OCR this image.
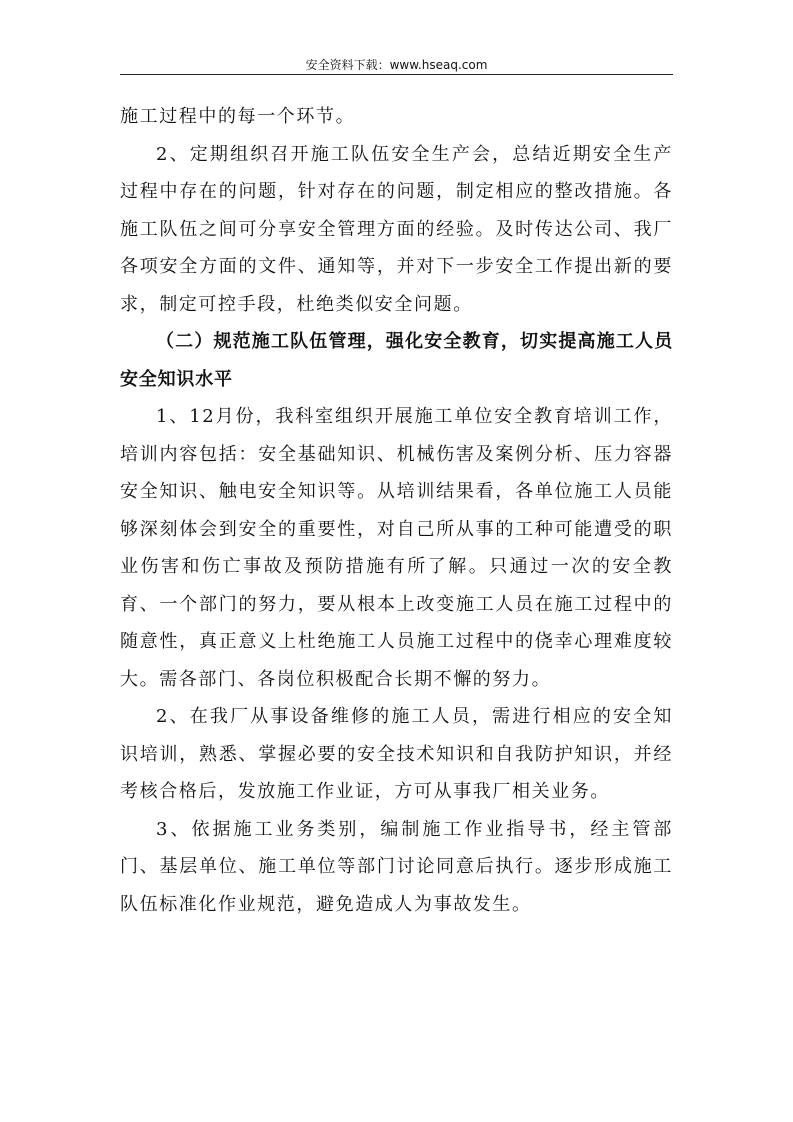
安全资料下载：www.hseaq.com

施工过程中的每一个环节。

2、定期组织召开施工队伍安全生产会，总结近期安全生产过程中存在的问题，针对存在的问题，制定相应的整改措施。各施工队伍之间可分享安全管理方面的经验。及时传达公司、我厂各项安全方面的文件、通知等，并对下一步安全工作提出新的要求，制定可控手段，杜绝类似安全问题。

（二）规范施工队伍管理，强化安全教育，切实提高施工人员安全知识水平

1、12月份，我科室组织开展施工单位安全教育培训工作，培训内容包括：安全基础知识、机械伤害及案例分析、压力容器安全知识、触电安全知识等。从培训结果看，各单位施工人员能够深刻体会到安全的重要性，对自己所从事的工种可能遭受的职业伤害和伤亡事故及预防措施有所了解。只通过一次的安全教育、一个部门的努力，要从根本上改变施工人员在施工过程中的随意性，真正意义上杜绝施工人员施工过程中的侥幸心理难度较大。需各部门、各岗位积极配合长期不懈的努力。

2、在我厂从事设备维修的施工人员，需进行相应的安全知识培训，熟悉、掌握必要的安全技术知识和自我防护知识，并经考核合格后，发放施工作业证，方可从事我厂相关业务。

3、依据施工业务类别，编制施工作业指导书，经主管部门、基层单位、施工单位等部门讨论同意后执行。逐步形成施工队伍标准化作业规范，避免造成人为事故发生。
